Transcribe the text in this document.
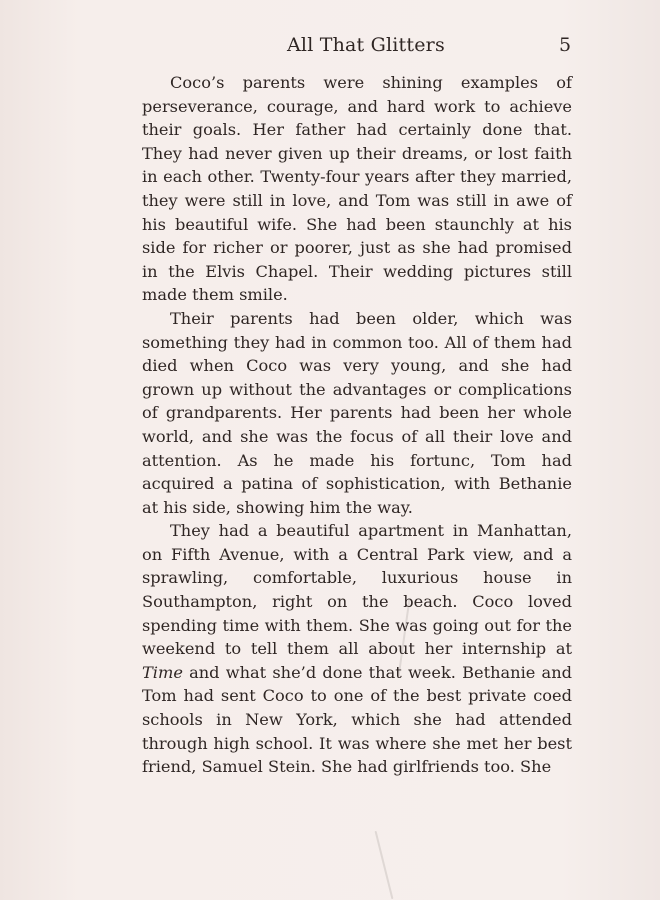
All That Glitters	5

Coco’s parents were shining examples of perseverance, courage, and hard work to achieve their goals. Her father had certainly done that. They had never given up their dreams, or lost faith in each other. Twenty-four years after they married, they were still in love, and Tom was still in awe of his beautiful wife. She had been staunchly at his side for richer or poorer, just as she had promised in the Elvis Chapel. Their wedding pictures still made them smile.

Their parents had been older, which was something they had in common too. All of them had died when Coco was very young, and she had grown up without the advantages or complications of grandparents. Her parents had been her whole world, and she was the focus of all their love and attention. As he made his fortunc, Tom had acquired a patina of sophistication, with Bethanie at his side, showing him the way.

They had a beautiful apartment in Manhattan, on Fifth Avenue, with a Central Park view, and a sprawling, comfortable, luxurious house in Southampton, right on the beach. Coco loved spending time with them. She was going out for the weekend to tell them all about her internship at Time and what she’d done that week. Bethanie and Tom had sent Coco to one of the best private coed schools in New York, which she had attended through high school. It was where she met her best friend, Samuel Stein. She had girlfriends too. She
